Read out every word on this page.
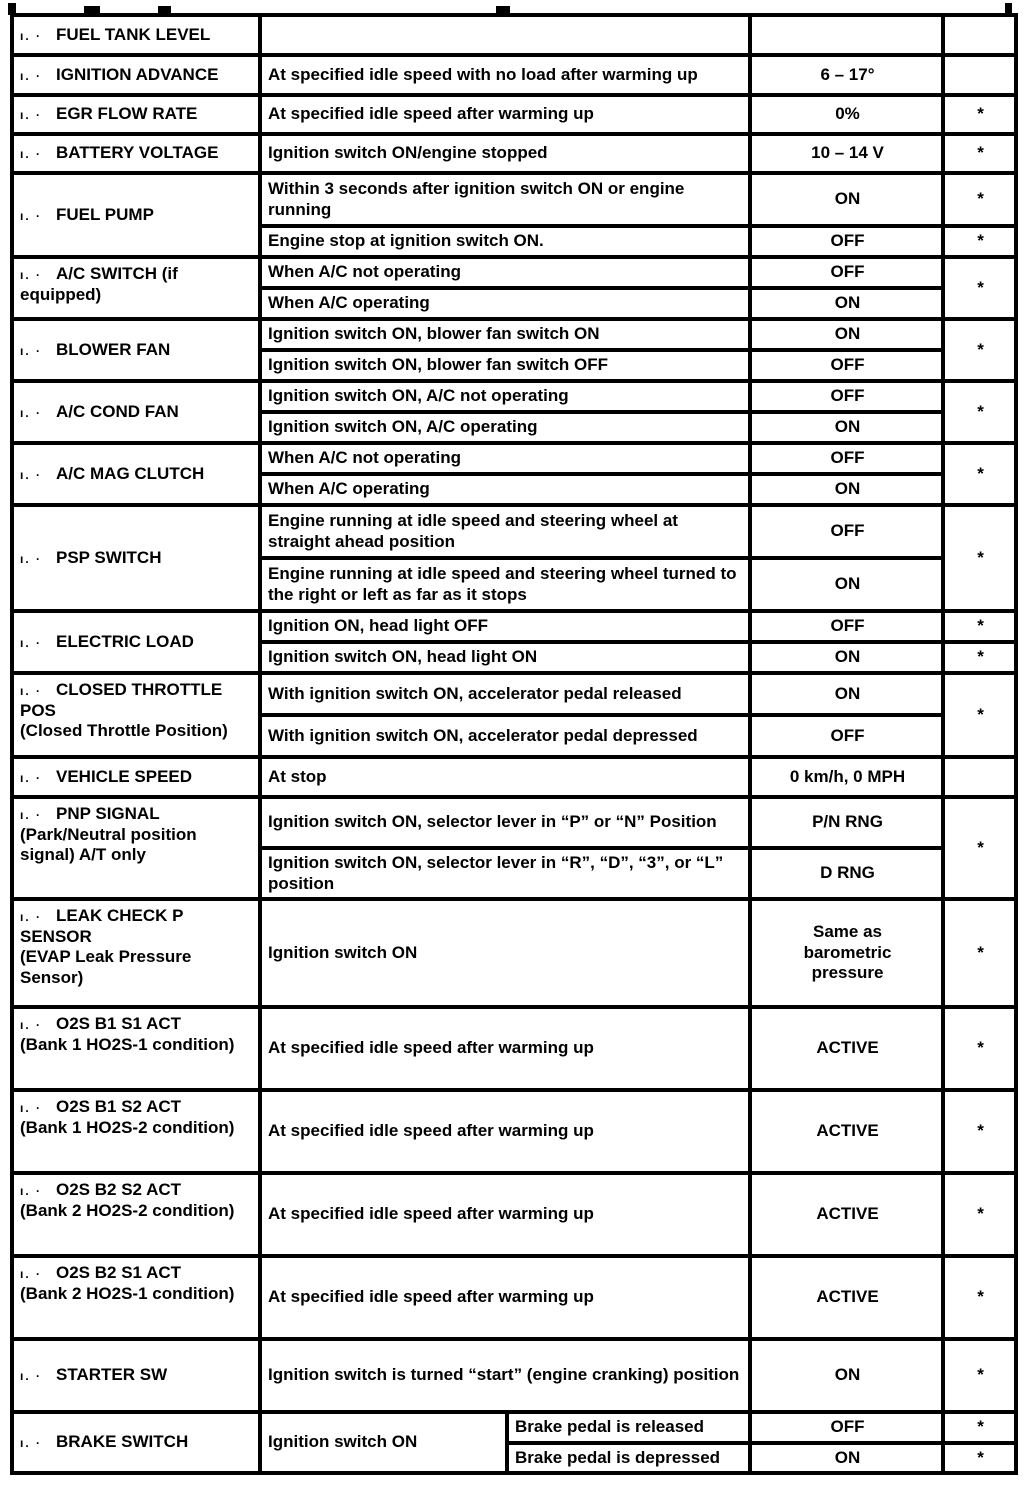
ı. · FUEL TANK LEVEL				
ı. · IGNITION ADVANCE	At specified idle speed with no load after warming up		6 – 17°	
ı. · EGR FLOW RATE	At specified idle speed after warming up		0%	*
ı. · BATTERY VOLTAGE	Ignition switch ON/engine stopped		10 – 14 V	*
ı. · FUEL PUMP	Within 3 seconds after ignition switch ON or engine running		ON	*
	Engine stop at ignition switch ON.		OFF	*
ı. · A/C SWITCH (if equipped)	When A/C not operating		OFF	*
	When A/C operating		ON	
ı. · BLOWER FAN	Ignition switch ON, blower fan switch ON		ON	*
	Ignition switch ON, blower fan switch OFF		OFF	
ı. · A/C COND FAN	Ignition switch ON, A/C not operating		OFF	*
	Ignition switch ON, A/C operating		ON	
ı. · A/C MAG CLUTCH	When A/C not operating		OFF	*
	When A/C operating		ON	
ı. · PSP SWITCH	Engine running at idle speed and steering wheel at straight ahead position		OFF	*
	Engine running at idle speed and steering wheel turned to the right or left as far as it stops		ON	
ı. · ELECTRIC LOAD	Ignition ON, head light OFF		OFF	*
	Ignition switch ON, head light ON		ON	*
ı. · CLOSED THROTTLE POS
(Closed Throttle Position)	With ignition switch ON, accelerator pedal released		ON	*
	With ignition switch ON, accelerator pedal depressed		OFF	
ı. · VEHICLE SPEED	At stop		0 km/h, 0 MPH	
ı. · PNP SIGNAL
(Park/Neutral position signal) A/T only	Ignition switch ON, selector lever in “P” or “N” Position		P/N RNG	*
	Ignition switch ON, selector lever in “R”, “D”, “3”, or “L” position		D RNG	
ı. · LEAK CHECK P SENSOR
(EVAP Leak Pressure Sensor)	Ignition switch ON		Same as barometric pressure	*
ı. · O2S B1 S1 ACT
(Bank 1 HO2S-1 condition)	At specified idle speed after warming up		ACTIVE	*
ı. · O2S B1 S2 ACT
(Bank 1 HO2S-2 condition)	At specified idle speed after warming up		ACTIVE	*
ı. · O2S B2 S2 ACT
(Bank 2 HO2S-2 condition)	At specified idle speed after warming up		ACTIVE	*
ı. · O2S B2 S1 ACT
(Bank 2 HO2S-1 condition)	At specified idle speed after warming up		ACTIVE	*
ı. · STARTER SW	Ignition switch is turned “start” (engine cranking) position		ON	*
ı. · BRAKE SWITCH	Ignition switch ON	Brake pedal is released	OFF	*
		Brake pedal is depressed	ON	*
